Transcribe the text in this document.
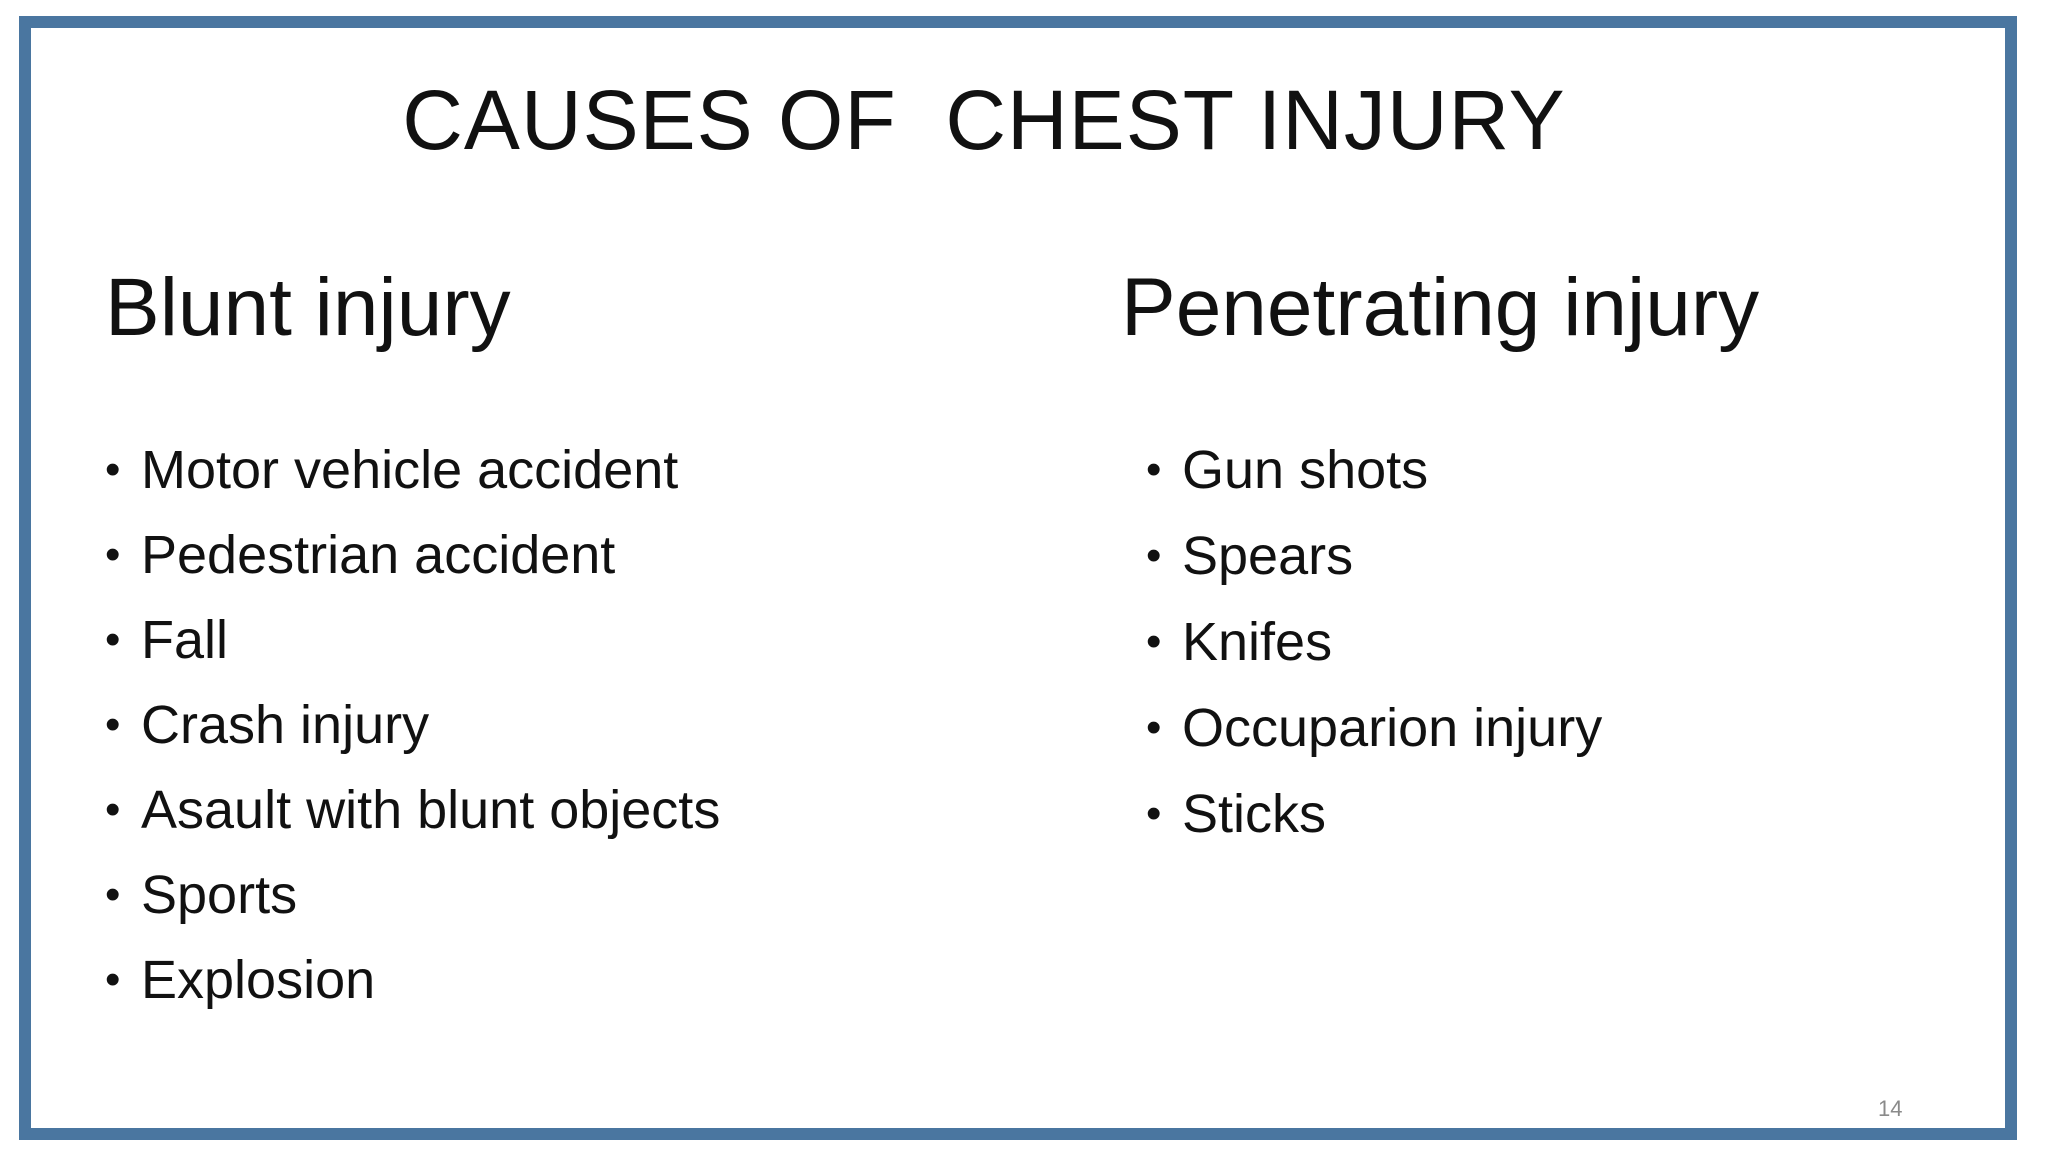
CAUSES OF  CHEST INJURY
Blunt injury	Penetrating injury
• Motor vehicle accident
• Pedestrian accident
• Fall
• Crash injury
• Asault with blunt objects
• Sports
• Explosion
• Gun shots
• Spears
• Knifes
• Occuparion injury
• Sticks
14
